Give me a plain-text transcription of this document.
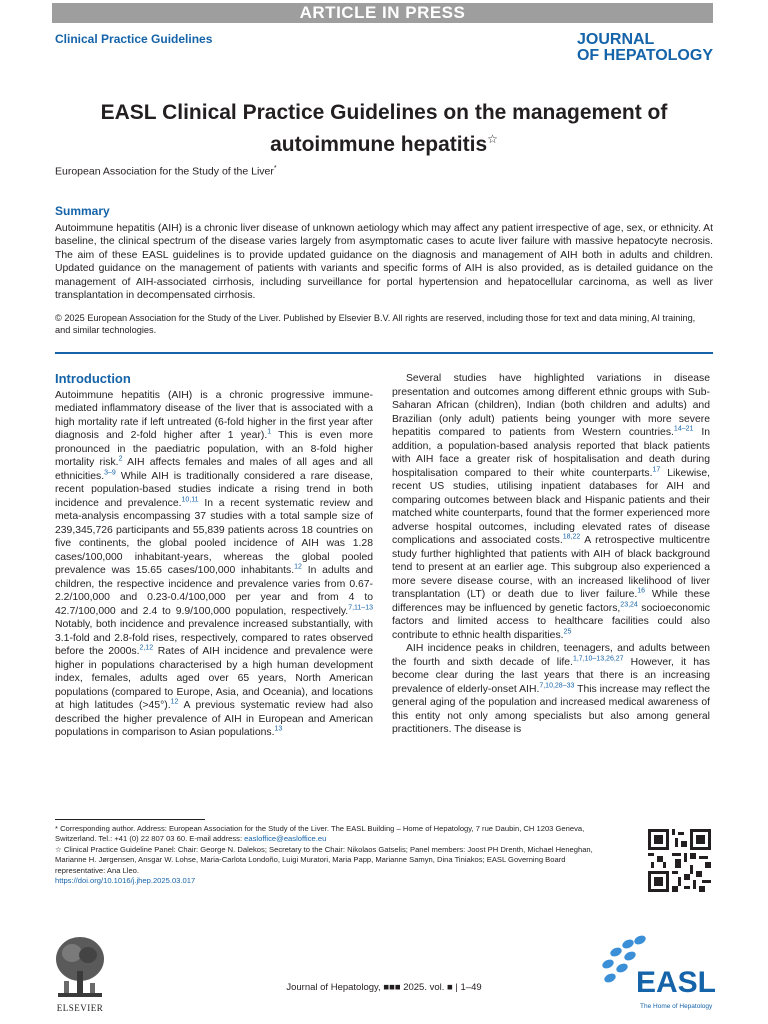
ARTICLE IN PRESS
Clinical Practice Guidelines	JOURNAL
OF HEPATOLOGY
EASL Clinical Practice Guidelines on the management of
autoimmune hepatitis☆
European Association for the Study of the Liver*
Summary
Autoimmune hepatitis (AIH) is a chronic liver disease of unknown aetiology which may affect any patient irrespective of age, sex, or ethnicity. At baseline, the clinical spectrum of the disease varies largely from asymptomatic cases to acute liver failure with massive hepatocyte necrosis. The aim of these EASL guidelines is to provide updated guidance on the diagnosis and management of AIH both in adults and children. Updated guidance on the management of patients with variants and specific forms of AIH is also provided, as is detailed guidance on the management of AIH-associated cirrhosis, including surveillance for portal hypertension and hepatocellular carcinoma, as well as liver transplantation in decompensated cirrhosis.
© 2025 European Association for the Study of the Liver. Published by Elsevier B.V. All rights are reserved, including those for text and data mining, AI training, and similar technologies.
Introduction

Autoimmune hepatitis (AIH) is a chronic progressive immune-mediated inflammatory disease of the liver that is associated with a high mortality rate if left untreated (6-fold higher in the first year after diagnosis and 2-fold higher after 1 year).$^1$ This is even more pronounced in the paediatric population, with an 8-fold higher mortality risk.$^2$ AIH affects females and males of all ages and all ethnicities.$^{3-9}$ While AIH is traditionally considered a rare disease, recent population-based studies indicate a rising trend in both incidence and prevalence.$^{10,11}$ In a recent systematic review and meta-analysis encompassing 37 studies with a total sample size of 239,345,726 participants and 55,839 patients across 18 countries on five continents, the global pooled incidence of AIH was 1.28 cases/100,000 inhabitant-years, whereas the global pooled prevalence was 15.65 cases/100,000 inhabitants.$^{12}$ In adults and children, the respective incidence and prevalence varies from 0.67-2.2/100,000 and 0.23-0.4/100,000 per year and from 4 to 42.7/100,000 and 2.4 to 9.9/100,000 population, respectively.$^{7,11-13}$ Notably, both incidence and prevalence increased substantially, with 3.1-fold and 2.8-fold rises, respectively, compared to rates observed before the 2000s.$^{2,12}$ Rates of AIH incidence and prevalence were higher in populations characterised by a high human development index, females, adults aged over 65 years, North American populations (compared to Europe, Asia, and Oceania), and locations at high latitudes (>45°).$^{12}$ A previous systematic review had also described the higher prevalence of AIH in European and American populations in comparison to Asian populations.$^{13}$

Several studies have highlighted variations in disease presentation and outcomes among different ethnic groups with Sub-Saharan African (children), Indian (both children and adults) and Brazilian (only adult) patients being younger with more severe hepatitis compared to patients from Western countries.$^{14-21}$ In addition, a population-based analysis reported that black patients with AIH face a greater risk of hospitalisation and death during hospitalisation compared to their white counterparts.$^{17}$ Likewise, recent US studies, utilising inpatient databases for AIH and comparing outcomes between black and Hispanic patients and their matched white counterparts, found that the former experienced more adverse hospital outcomes, including elevated rates of disease complications and associated costs.$^{18,22}$ A retrospective multicentre study further highlighted that patients with AIH of black background tend to present at an earlier age. This subgroup also experienced a more severe disease course, with an increased likelihood of liver transplantation (LT) or death due to liver failure.$^{16}$ While these differences may be influenced by genetic factors,$^{23,24}$ socioeconomic factors and limited access to healthcare facilities could also contribute to ethnic health disparities.$^{25}$

AIH incidence peaks in children, teenagers, and adults between the fourth and sixth decade of life.$^{1,7,10-13,26,27}$ However, it has become clear during the last years that there is an increasing prevalence of elderly-onset AIH.$^{7,10,28-33}$ This increase may reflect the general aging of the population and increased medical awareness of this entity not only among specialists but also among general practitioners. The disease is

* Corresponding author. Address: European Association for the Study of the Liver. The EASL Building – Home of Hepatology, 7 rue Daubin, CH 1203 Geneva, Switzerland. Tel.: +41 (0) 22 807 03 60. E-mail address: easloffice@easloffice.eu
☆ Clinical Practice Guideline Panel: Chair: George N. Dalekos; Secretary to the Chair: Nikolaos Gatselis; Panel members: Joost PH Drenth, Michael Heneghan, Marianne H. Jørgensen, Ansgar W. Lohse, Maria-Carlota Londoño, Luigi Muratori, Maria Papp, Marianne Samyn, Dina Tiniakos; EASL Governing Board representative: Ana Lleo.
https://doi.org/10.1016/j.jhep.2025.03.017
ELSEVIER
Journal of Hepatology, ■■■ 2025. vol. ■ | 1–49	EASL
The Home of Hepatology
